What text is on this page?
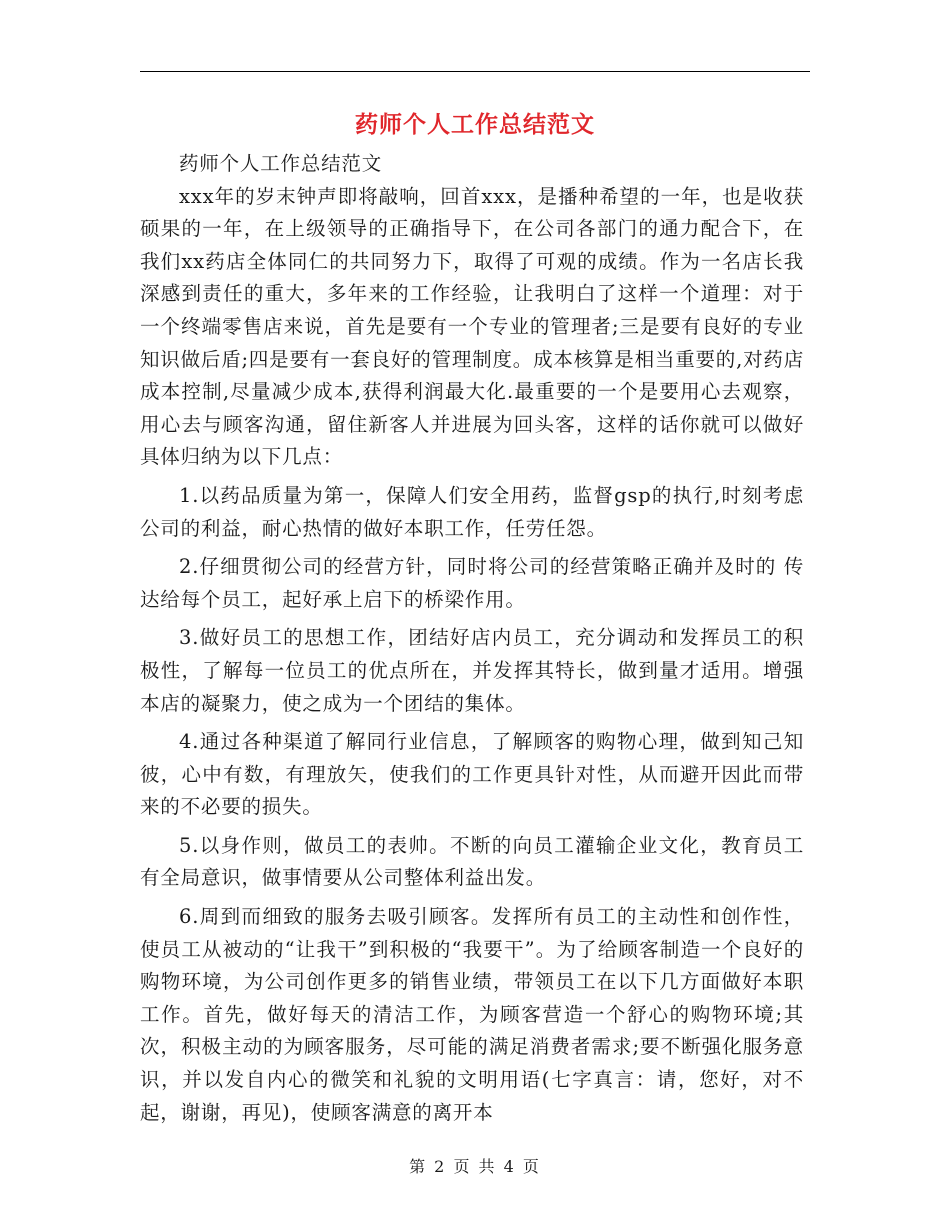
药师个人工作总结范文

药师个人工作总结范文

xxx年的岁末钟声即将敲响，回首xxx，是播种希望的一年，也是收获硕果的一年，在上级领导的正确指导下，在公司各部门的通力配合下，在我们xx药店全体同仁的共同努力下，取得了可观的成绩。作为一名店长我深感到责任的重大，多年来的工作经验，让我明白了这样一个道理：对于一个终端零售店来说，首先是要有一个专业的管理者;三是要有良好的专业知识做后盾;四是要有一套良好的管理制度。成本核算是相当重要的,对药店成本控制,尽量减少成本,获得利润最大化.最重要的一个是要用心去观察，用心去与顾客沟通，留住新客人并进展为回头客，这样的话你就可以做好具体归纳为以下几点：

1.以药品质量为第一，保障人们安全用药，监督gsp的执行,时刻考虑公司的利益，耐心热情的做好本职工作，任劳任怨。

2.仔细贯彻公司的经营方针，同时将公司的经营策略正确并及时的 传达给每个员工，起好承上启下的桥梁作用。

3.做好员工的思想工作，团结好店内员工，充分调动和发挥员工的积极性，了解每一位员工的优点所在，并发挥其特长，做到量才适用。增强本店的凝聚力，使之成为一个团结的集体。

4.通过各种渠道了解同行业信息，了解顾客的购物心理，做到知己知彼，心中有数，有理放矢，使我们的工作更具针对性，从而避开因此而带来的不必要的损失。

5.以身作则，做员工的表帅。不断的向员工灌输企业文化，教育员工有全局意识，做事情要从公司整体利益出发。

6.周到而细致的服务去吸引顾客。发挥所有员工的主动性和创作性，使员工从被动的“让我干”到积极的“我要干”。为了给顾客制造一个良好的购物环境，为公司创作更多的销售业绩，带领员工在以下几方面做好本职工作。首先，做好每天的清洁工作，为顾客营造一个舒心的购物环境;其次，积极主动的为顾客服务，尽可能的满足消费者需求;要不断强化服务意识，并以发自内心的微笑和礼貌的文明用语(七字真言：请，您好，对不起，谢谢，再见)，使顾客满意的离开本

第 2 页 共 4 页
